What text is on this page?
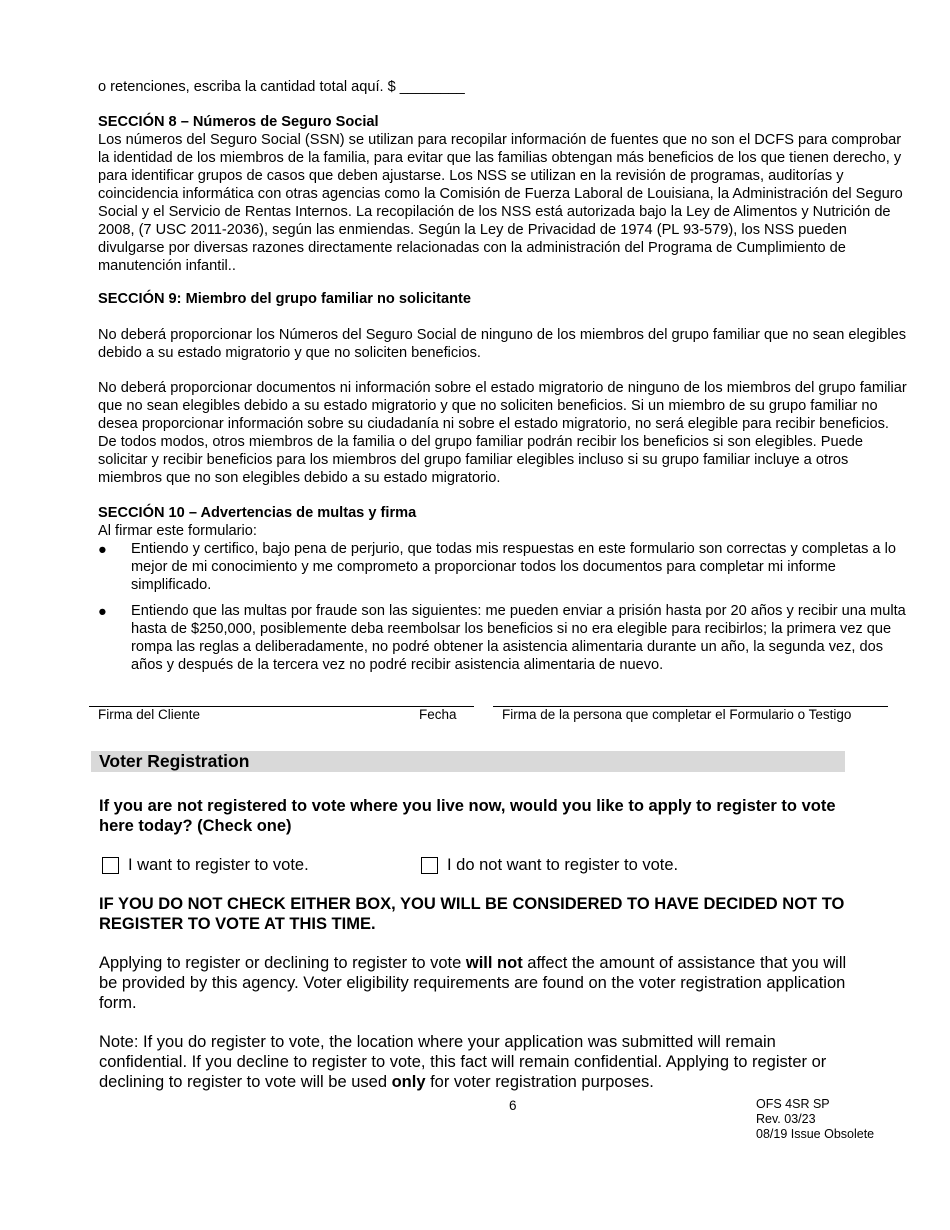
o retenciones, escriba la cantidad total aquí. $ ________

SECCIÓN 8 – Números de Seguro Social

Los números del Seguro Social (SSN) se utilizan para recopilar información de fuentes que no son el DCFS para comprobar la identidad de los miembros de la familia, para evitar que las familias obtengan más beneficios de los que tienen derecho, y para identificar grupos de casos que deben ajustarse. Los NSS se utilizan en la revisión de programas, auditorías y coincidencia informática con otras agencias como la Comisión de Fuerza Laboral de Louisiana, la Administración del Seguro Social y el Servicio de Rentas Internos. La recopilación de los NSS está autorizada bajo la Ley de Alimentos y Nutrición de 2008, (7 USC 2011-2036), según las enmiendas. Según la Ley de Privacidad de 1974 (PL 93-579), los NSS pueden divulgarse por diversas razones directamente relacionadas con la administración del Programa de Cumplimiento de manutención infantil..

SECCIÓN 9: Miembro del grupo familiar no solicitante

No deberá proporcionar los Números del Seguro Social de ninguno de los miembros del grupo familiar que no sean elegibles debido a su estado migratorio y que no soliciten beneficios.

No deberá proporcionar documentos ni información sobre el estado migratorio de ninguno de los miembros del grupo familiar que no sean elegibles debido a su estado migratorio y que no soliciten beneficios. Si un miembro de su grupo familiar no desea proporcionar información sobre su ciudadanía ni sobre el estado migratorio, no será elegible para recibir beneficios. De todos modos, otros miembros de la familia o del grupo familiar podrán recibir los beneficios si son elegibles. Puede solicitar y recibir beneficios para los miembros del grupo familiar elegibles incluso si su grupo familiar incluye a otros miembros que no son elegibles debido a su estado migratorio.

SECCIÓN 10 – Advertencias de multas y firma

Al firmar este formulario:

● Entiendo y certifico, bajo pena de perjurio, que todas mis respuestas en este formulario son correctas y completas a lo mejor de mi conocimiento y me comprometo a proporcionar todos los documentos para completar mi informe simplificado.

● Entiendo que las multas por fraude son las siguientes: me pueden enviar a prisión hasta por 20 años y recibir una multa hasta de $250,000, posiblemente deba reembolsar los beneficios si no era elegible para recibirlos; la primera vez que rompa las reglas a deliberadamente, no podré obtener la asistencia alimentaria durante un año, la segunda vez, dos años y después de la tercera vez no podré recibir asistencia alimentaria de nuevo.

Firma del Cliente	Fecha	Firma de la persona que completar el Formulario o Testigo
Voter Registration

If you are not registered to vote where you live now, would you like to apply to register to vote here today? (Check one)

I want to register to vote.	I do not want to register to vote.

IF YOU DO NOT CHECK EITHER BOX, YOU WILL BE CONSIDERED TO HAVE DECIDED NOT TO REGISTER TO VOTE AT THIS TIME.

Applying to register or declining to register to vote will not affect the amount of assistance that you will be provided by this agency. Voter eligibility requirements are found on the voter registration application form.

Note: If you do register to vote, the location where your application was submitted will remain confidential. If you decline to register to vote, this fact will remain confidential. Applying to register or declining to register to vote will be used only for voter registration purposes.

6	OFS 4SR SP
Rev. 03/23
08/19 Issue Obsolete
